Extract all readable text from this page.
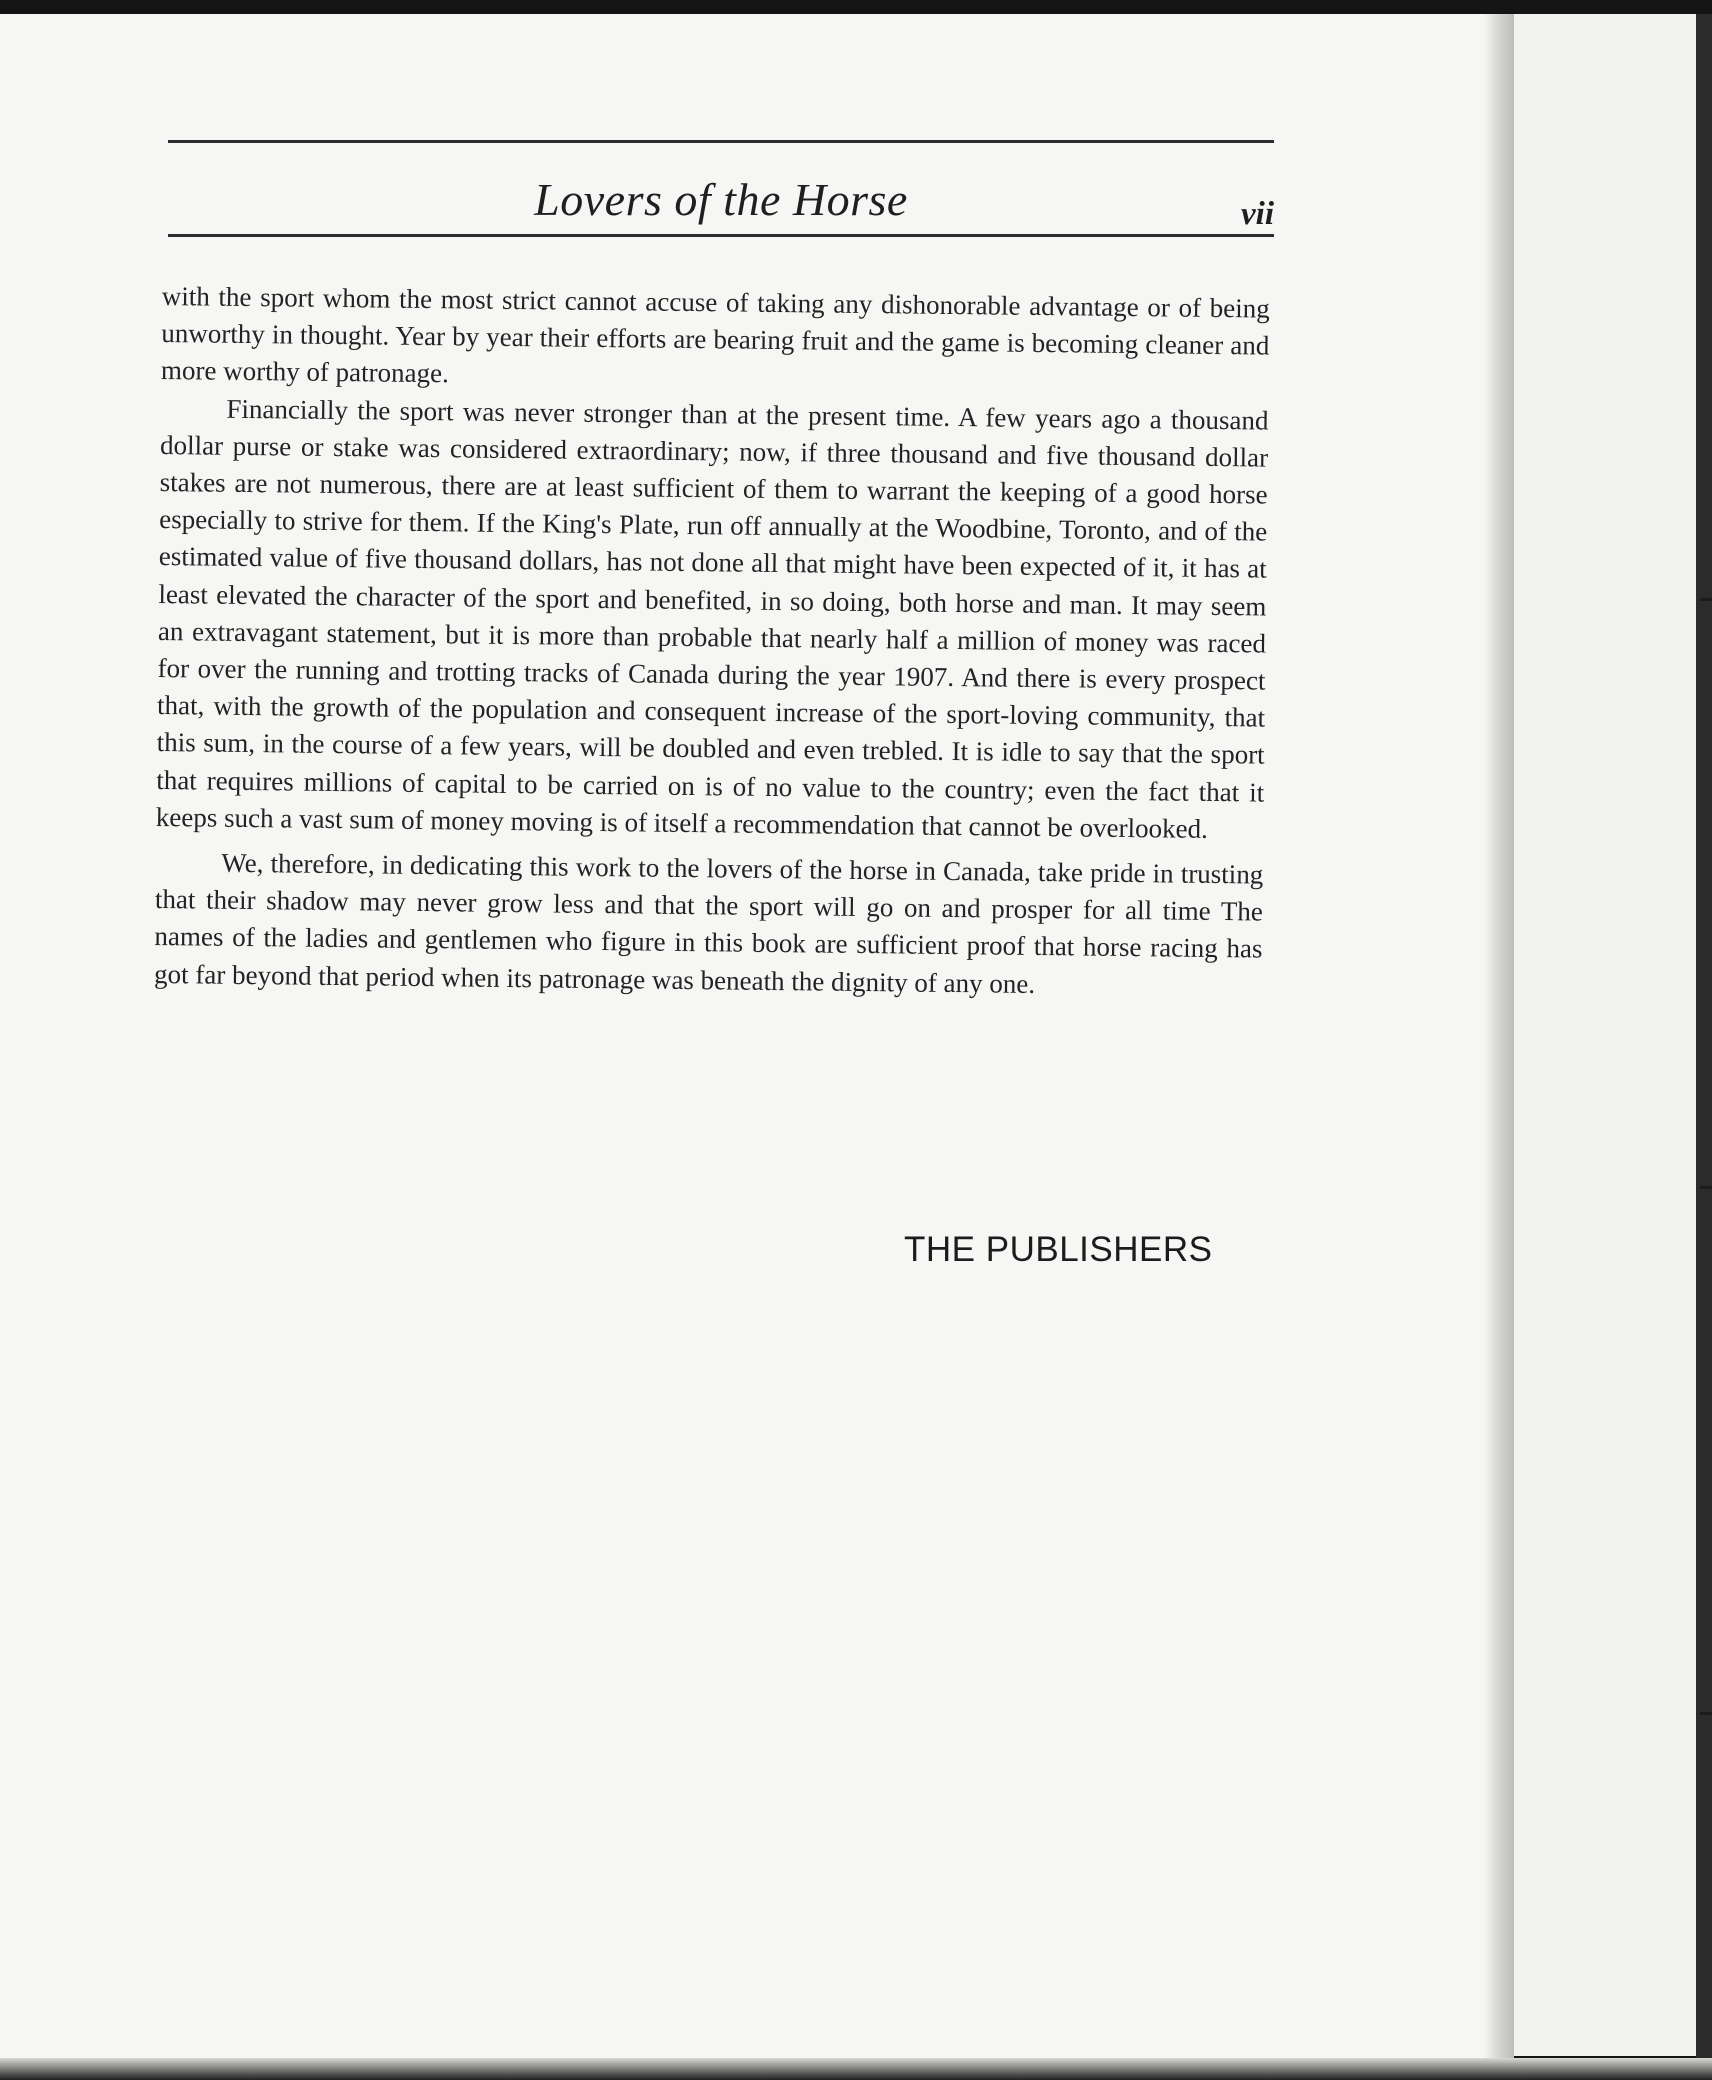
Lovers of the Horse	vii

with the sport whom the most strict cannot accuse of taking any dishonorable advantage or of being unworthy in thought. Year by year their efforts are bearing fruit and the game is becoming cleaner and more worthy of patronage.

Financially the sport was never stronger than at the present time. A few years ago a thousand dollar purse or stake was considered extraordinary; now, if three thousand and five thousand dollar stakes are not numerous, there are at least sufficient of them to warrant the keeping of a good horse especially to strive for them. If the King's Plate, run off annually at the Woodbine, Toronto, and of the estimated value of five thousand dollars, has not done all that might have been expected of it, it has at least elevated the character of the sport and benefited, in so doing, both horse and man. It may seem an extravagant statement, but it is more than probable that nearly half a million of money was raced for over the running and trotting tracks of Canada during the year 1907. And there is every prospect that, with the growth of the population and consequent increase of the sport-loving community, that this sum, in the course of a few years, will be doubled and even trebled. It is idle to say that the sport that requires millions of capital to be carried on is of no value to the country; even the fact that it keeps such a vast sum of money moving is of itself a recommendation that cannot be overlooked.

We, therefore, in dedicating this work to the lovers of the horse in Canada, take pride in trusting that their shadow may never grow less and that the sport will go on and prosper for all time The names of the ladies and gentlemen who figure in this book are sufficient proof that horse racing has got far beyond that period when its patronage was beneath the dignity of any one.

THE PUBLISHERS
